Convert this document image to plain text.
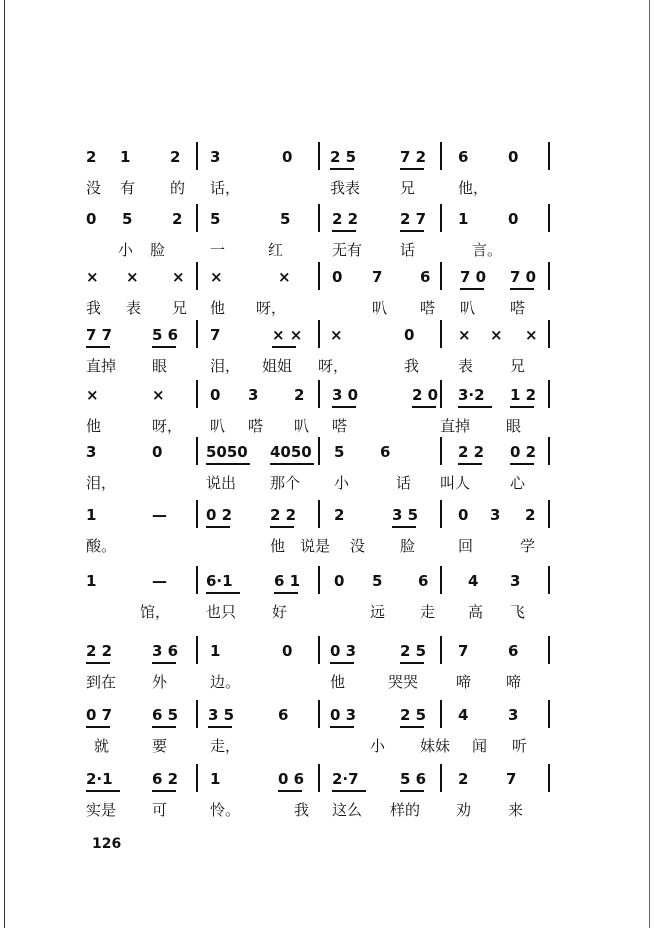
2 1	2 3	0	2 5	7 2 6	0
没 有 的 话，	我表	兄	他，
0 5	2 5	5	2 2	2 7 1	0
小 脸	一	红	无有	话	言。
× × × ×	×	0 7	6 7 0 7 0
我 表 兄 他 呀，	叭 嗒 叭 嗒
7 7	5 6 7	× × ×	0	× × ×
直掉 眼	泪， 姐姐 呀，	我	表 兄
×	×	0 3 2 3 0	2 0 3·2 1 2
他	呀， 叭 嗒 叭 嗒	直掉 眼
3	0	5050 4050 5 6	2 2 0 2
泪，	说出 那个 小	话 叫人	心
1	—	0 2	2 2	2	3 5	0 3 2
酸。	他 说是 没 脸	回	学
1	—	6·1	6 1 0 5 6	4 3
馆， 也只 好	远 走 高 飞
2 2	3 6 1	0	0 3	2 5 7	6
到在 外	边。	他	哭哭	啼 啼
0 7	6 5 3 5	6	0 3	2 5 4	3
就	要	走，	小 妹妹 闻 听
2·1	6 2 1	0 6 2·7	5 6 2	7
实是 可	怜。	我 这么 样的 劝 来
126
